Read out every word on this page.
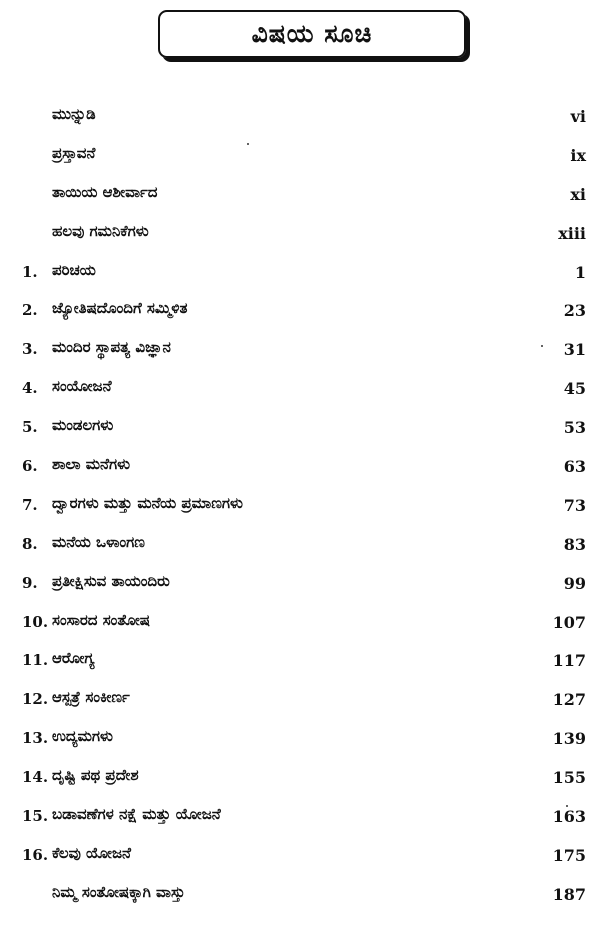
ವಿಷಯ ಸೂಚಿ
ಮುನ್ನುಡಿ	vi
ಪ್ರಸ್ತಾವನೆ	ix
ತಾಯಿಯ ಆಶೀರ್ವಾದ	xi
ಹಲವು ಗಮನಿಕೆಗಳು	xiii
1. ಪರಿಚಯ	1
2. ಜ್ಯೋತಿಷದೊಂದಿಗೆ ಸಮ್ಮಿಳಿತ	23
3. ಮಂದಿರ ಸ್ಥಾಪತ್ಯ ವಿಜ್ಞಾನ	31
4. ಸಂಯೋಜನೆ	45
5. ಮಂಡಲಗಳು	53
6. ಶಾಲಾ ಮನೆಗಳು	63
7. ದ್ವಾರಗಳು ಮತ್ತು ಮನೆಯ ಪ್ರಮಾಣಗಳು	73
8. ಮನೆಯ ಒಳಾಂಗಣ	83
9. ಪ್ರತೀಕ್ಷಿಸುವ ತಾಯಂದಿರು	99
10. ಸಂಸಾರದ ಸಂತೋಷ	107
11. ಆರೋಗ್ಯ	117
12. ಆಸ್ಪತ್ರೆ ಸಂಕೀರ್ಣ	127
13. ಉದ್ಯಮಗಳು	139
14. ದೃಷ್ಟಿ ಪಥ ಪ್ರದೇಶ	155
15. ಬಡಾವಣೆಗಳ ನಕ್ಷೆ ಮತ್ತು ಯೋಜನೆ	163
16. ಕೆಲವು ಯೋಜನೆ	175
ನಿಮ್ಮ ಸಂತೋಷಕ್ಕಾಗಿ ವಾಸ್ತು	187
